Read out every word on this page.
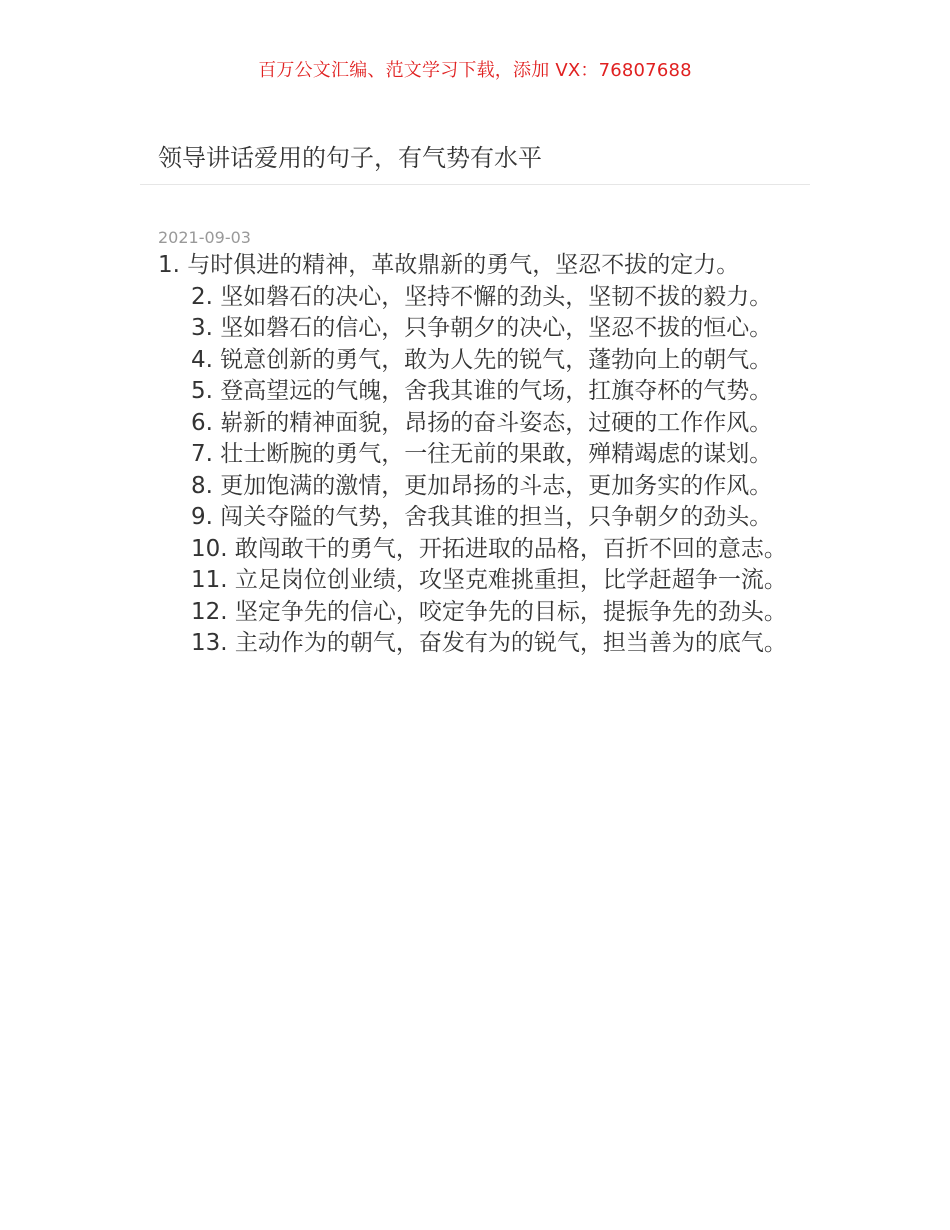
百万公文汇编、范文学习下载，添加 VX：76807688
领导讲话爱用的句子，有气势有水平
2021-09-03

1. 与时俱进的精神，革故鼎新的勇气，坚忍不拔的定力。

2. 坚如磐石的决心，坚持不懈的劲头，坚韧不拔的毅力。

3. 坚如磐石的信心，只争朝夕的决心，坚忍不拔的恒心。

4. 锐意创新的勇气，敢为人先的锐气，蓬勃向上的朝气。

5. 登高望远的气魄，舍我其谁的气场，扛旗夺杯的气势。

6. 崭新的精神面貌，昂扬的奋斗姿态，过硬的工作作风。

7. 壮士断腕的勇气，一往无前的果敢，殚精竭虑的谋划。

8. 更加饱满的激情，更加昂扬的斗志，更加务实的作风。

9. 闯关夺隘的气势，舍我其谁的担当，只争朝夕的劲头。

10. 敢闯敢干的勇气，开拓进取的品格，百折不回的意志。

11. 立足岗位创业绩，攻坚克难挑重担，比学赶超争一流。

12. 坚定争先的信心，咬定争先的目标，提振争先的劲头。

13. 主动作为的朝气，奋发有为的锐气，担当善为的底气。
